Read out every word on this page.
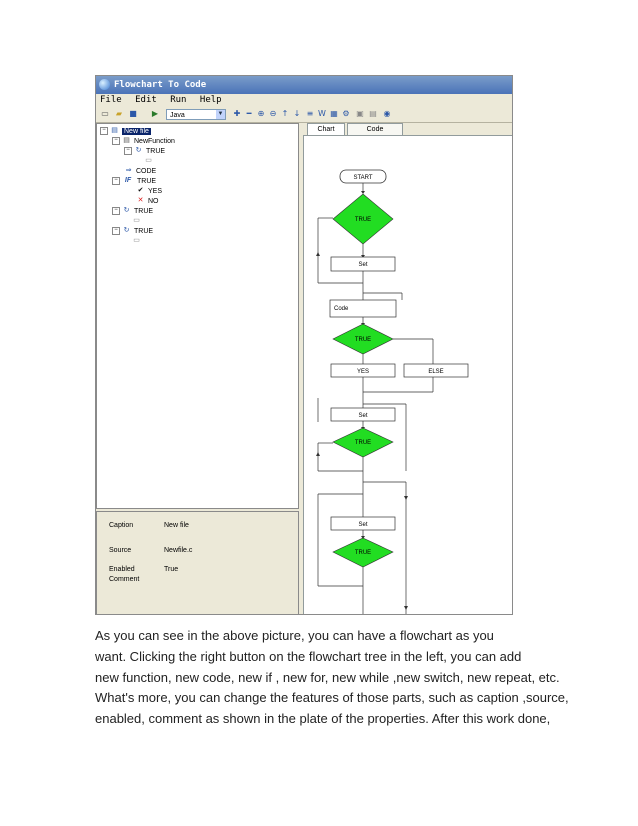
Flowchart To Code
File Edit Run Help
▭ ▰ ■ ▶	Java	▼ ✚ ━ ⊕ ⊖ ↑ ↓ ≡ W ▦ ⚙ ▣ ▤ ◉
− ▤ New file
− ▤ NewFunction
− ↻ TRUE
▭
⇒ CODE
− IF TRUE
✔ YES
✕ NO
− ↻ TRUE
▭
− ↻ TRUE
▭
Caption	New file
Source	Newfile.c
Enabled	True
Comment
Chart	Code
START
TRUE
Set
Code
TRUE
YES	ELSE
Set
TRUE
Set
TRUE
As you can see in the above picture, you can have a flowchart as you
want. Clicking the right button on the flowchart tree in the left, you can add
new function, new code, new if , new for, new while ,new switch, new repeat, etc.
What's more, you can change the features of those parts, such as caption ,source,
enabled, comment as shown in the plate of the properties. After this work done,
